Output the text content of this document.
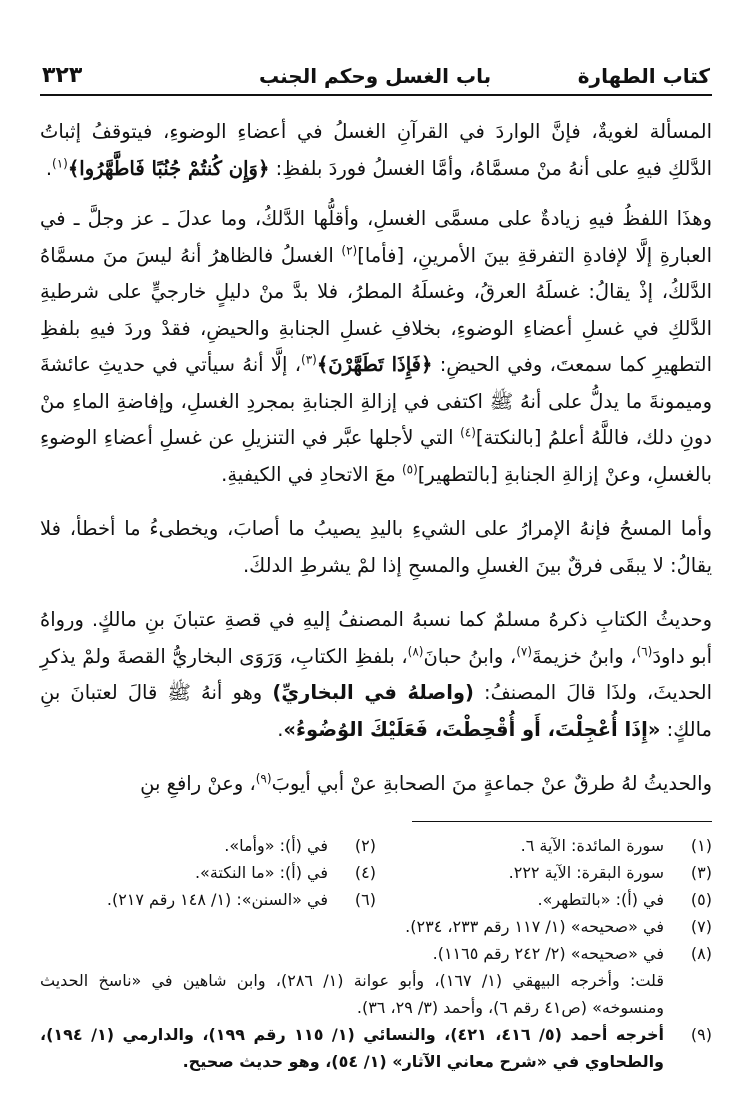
كتاب الطهارة
باب الغسل وحكم الجنب
٣٢٣

المسألة لغويةٌ، فإنَّ الواردَ في القرآنِ الغسلُ في أعضاءِ الوضوءِ، فيتوقفُ إثباتُ الدَّلكِ فيهِ على أنهُ منْ مسمَّاهُ، وأمَّا الغسلُ فوردَ بلفظِ: ﴿وَإِن كُنتُمْ جُنُبًا فَاطَّهَّرُوا﴾$^{(١)}$.

وهذَا اللفظُ فيهِ زيادةٌ على مسمَّى الغسلِ، وأقلُّها الدَّلكُ، وما عدلَ ـ عز وجلَّ ـ في العبارةِ إلَّا لإفادةِ التفرقةِ بينَ الأمرينِ، [فأما]$^{(٢)}$ الغسلُ فالظاهرُ أنهُ ليسَ منَ مسمَّاهُ الدَّلكُ، إذْ يقالُ: غسلَهُ العرقُ، وغسلَهُ المطرُ، فلا بدَّ منْ دليلٍ خارجيٍّ على شرطيةِ الدَّلكِ في غسلِ أعضاءِ الوضوءِ، بخلافِ غسلِ الجنابةِ والحيضِ، فقدْ وردَ فيهِ بلفظِ التطهيرِ كما سمعتَ، وفي الحيضِ: ﴿فَإِذَا تَطَهَّرْنَ﴾$^{(٣)}$، إلَّا أنهُ سيأتي في حديثِ عائشةَ وميمونةَ ما يدلُّ على أنهُ ﷺ اكتفى في إزالةِ الجنابةِ بمجردِ الغسلِ، وإفاضةِ الماءِ منْ دونِ دلك، فاللَّهُ أعلمُ [بالنكتة]$^{(٤)}$ التي لأجلها عبَّر في التنزيلِ عن غسلِ أعضاءِ الوضوءِ بالغسلِ، وعنْ إزالةِ الجنابةِ [بالتطهير]$^{(٥)}$ معَ الاتحادِ في الكيفيةِ.

وأما المسحُ فإنهُ الإمرارُ على الشيءِ باليدِ يصيبُ ما أصابَ، ويخطىءُ ما أخطأ، فلا يقالُ: لا يبقَى فرقٌ بينَ الغسلِ والمسحِ إذا لمْ يشرطِ الدلكَ.

وحديثُ الكتابِ ذكرهُ مسلمٌ كما نسبهُ المصنفُ إليهِ في قصةِ عتبانَ بنِ مالكٍ. ورواهُ أبو داودَ$^{(٦)}$، وابنُ خزيمةَ$^{(٧)}$، وابنُ حبانَ$^{(٨)}$، بلفظِ الكتابِ، وَرَوَى البخاريُّ القصةَ ولمْ يذكرِ الحديثَ، ولذَا قالَ المصنفُ: (واصلهُ في البخاريِّ) وهو أنهُ ﷺ قالَ لعتبانَ بنِ مالكٍ: «إِذَا أُعْجِلْتَ، أَو أُقْحِطْتَ، فَعَلَيْكَ الوُضُوءُ».

والحديثُ لهُ طرقٌ عنْ جماعةٍ منَ الصحابةِ عنْ أبي أيوبَ$^{(٩)}$، وعنْ رافعِ بنِ

(١)
سورة المائدة: الآية ٦.
(٢)
في (أ): «وأما».
(٣)
سورة البقرة: الآية ٢٢٢.
(٤)
في (أ): «ما النكتة».
(٥)
في (أ): «بالتطهر».
(٦)
في «السنن»: (١/ ١٤٨ رقم ٢١٧).
(٧)
في «صحيحه» (١/ ١١٧ رقم ٢٣٣، ٢٣٤).
(٨)
في «صحيحه» (٢/ ٢٤٢ رقم ١١٦٥).
قلت: وأخرجه البيهقي (١/ ١٦٧)، وأبو عوانة (١/ ٢٨٦)، وابن شاهين في «ناسخ الحديث ومنسوخه» (ص٤١ رقم ٦)، وأحمد (٣/ ٢٩، ٣٦).
(٩)
أخرجه أحمد (٥/ ٤١٦، ٤٢١)، والنسائي (١/ ١١٥ رقم ١٩٩)، والدارمي (١/ ١٩٤)، والطحاوي في «شرح معاني الآثار» (١/ ٥٤)، وهو حديث صحيح.
